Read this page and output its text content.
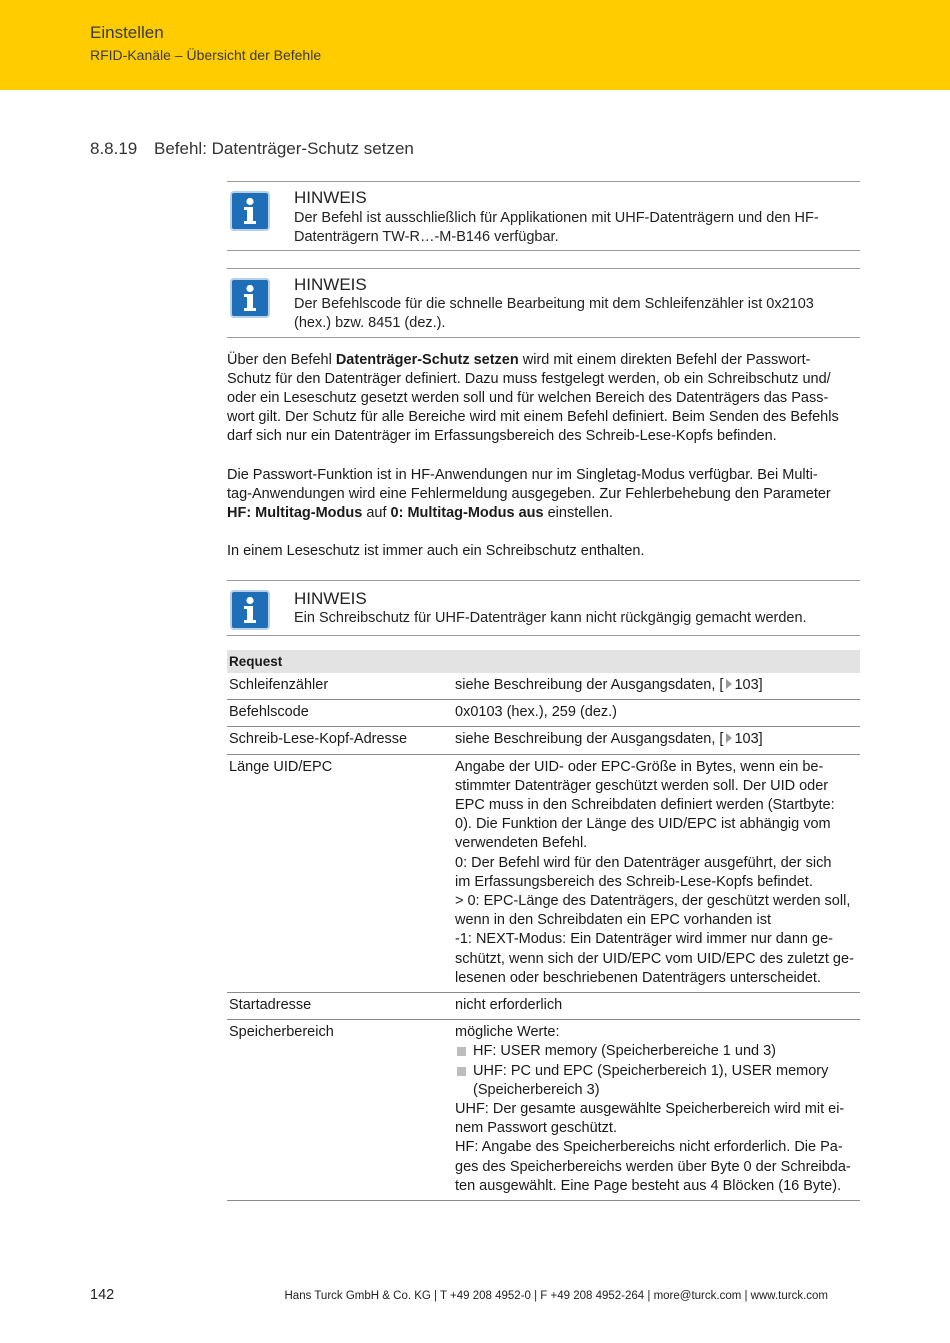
Einstellen
RFID-Kanäle – Übersicht der Befehle
8.8.19 Befehl: Datenträger-Schutz setzen
HINWEIS
Der Befehl ist ausschließlich für Applikationen mit UHF-Datenträgern und den HF-
Datenträgern TW-R…-M-B146 verfügbar.
HINWEIS
Der Befehlscode für die schnelle Bearbeitung mit dem Schleifenzähler ist 0x2103
(hex.) bzw. 8451 (dez.).
Über den Befehl Datenträger-Schutz setzen wird mit einem direkten Befehl der Passwort-
Schutz für den Datenträger definiert. Dazu muss festgelegt werden, ob ein Schreibschutz und/
oder ein Leseschutz gesetzt werden soll und für welchen Bereich des Datenträgers das Pass-
wort gilt. Der Schutz für alle Bereiche wird mit einem Befehl definiert. Beim Senden des Befehls
darf sich nur ein Datenträger im Erfassungsbereich des Schreib-Lese-Kopfs befinden.
Die Passwort-Funktion ist in HF-Anwendungen nur im Singletag-Modus verfügbar. Bei Multi-
tag-Anwendungen wird eine Fehlermeldung ausgegeben. Zur Fehlerbehebung den Parameter
HF: Multitag-Modus auf 0: Multitag-Modus aus einstellen.
In einem Leseschutz ist immer auch ein Schreibschutz enthalten.
HINWEIS
Ein Schreibschutz für UHF-Datenträger kann nicht rückgängig gemacht werden.
Request
Schleifenzähler	siehe Beschreibung der Ausgangsdaten, [ 103]
Befehlscode	0x0103 (hex.), 259 (dez.)
Schreib-Lese-Kopf-Adresse	siehe Beschreibung der Ausgangsdaten, [ 103]
Länge UID/EPC	Angabe der UID- oder EPC-Größe in Bytes, wenn ein be-
stimmter Datenträger geschützt werden soll. Der UID oder
EPC muss in den Schreibdaten definiert werden (Startbyte:
0). Die Funktion der Länge des UID/EPC ist abhängig vom
verwendeten Befehl.
0: Der Befehl wird für den Datenträger ausgeführt, der sich
im Erfassungsbereich des Schreib-Lese-Kopfs befindet.
> 0: EPC-Länge des Datenträgers, der geschützt werden soll,
wenn in den Schreibdaten ein EPC vorhanden ist
-1: NEXT-Modus: Ein Datenträger wird immer nur dann ge-
schützt, wenn sich der UID/EPC vom UID/EPC des zuletzt ge-
lesenen oder beschriebenen Datenträgers unterscheidet.
Startadresse	nicht erforderlich
Speicherbereich	mögliche Werte:
HF: USER memory (Speicherbereiche 1 und 3)
UHF: PC und EPC (Speicherbereich 1), USER memory
(Speicherbereich 3)
UHF: Der gesamte ausgewählte Speicherbereich wird mit ei-
nem Passwort geschützt.
HF: Angabe des Speicherbereichs nicht erforderlich. Die Pa-
ges des Speicherbereichs werden über Byte 0 der Schreibda-
ten ausgewählt. Eine Page besteht aus 4 Blöcken (16 Byte).
142	Hans Turck GmbH & Co. KG | T +49 208 4952-0 | F +49 208 4952-264 | more@turck.com | www.turck.com
